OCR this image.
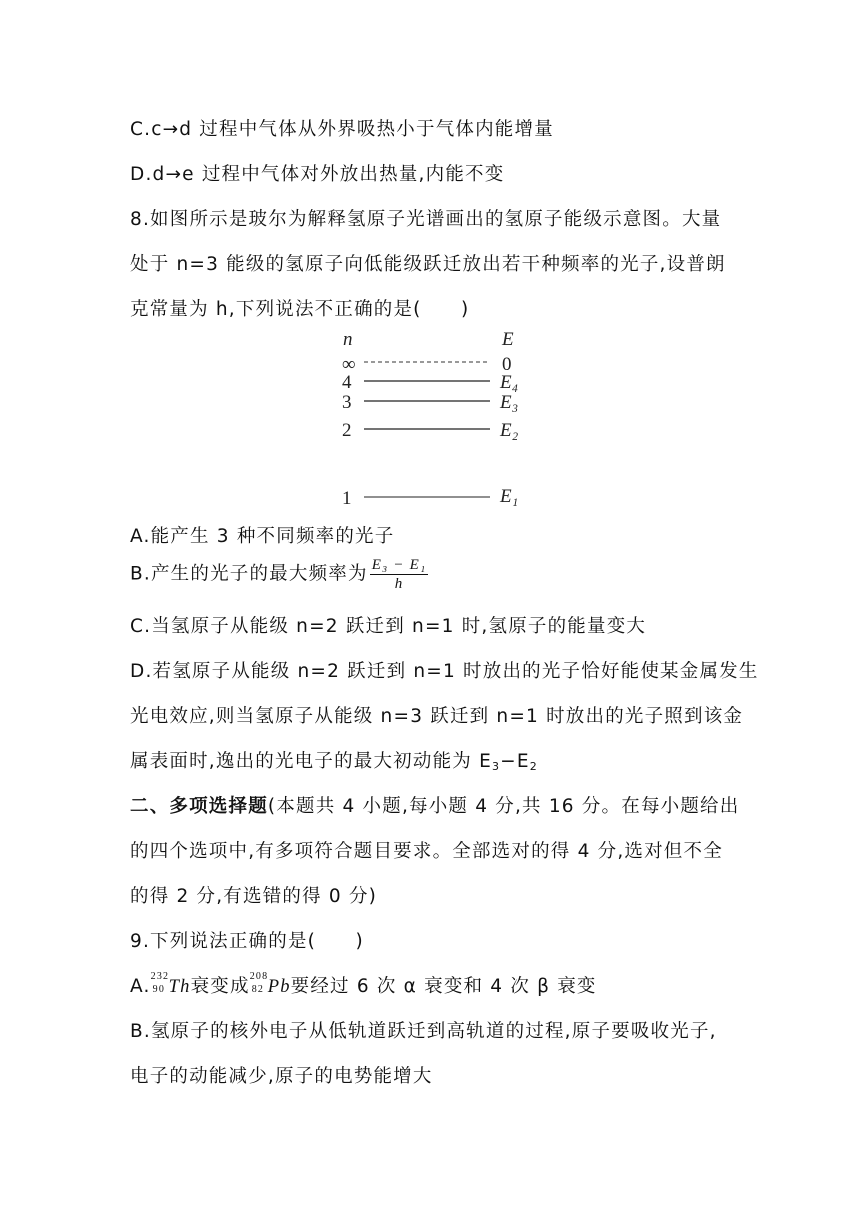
C.c→d 过程中气体从外界吸热小于气体内能增量
D.d→e 过程中气体对外放出热量,内能不变
8.如图所示是玻尔为解释氢原子光谱画出的氢原子能级示意图。大量
处于 n=3 能级的氢原子向低能级跃迁放出若干种频率的光子,设普朗
克常量为 h,下列说法不正确的是(　　)
n	E
∞	0
4	E₄
3	E₃
2	E₂
1	E₁
A.能产生 3 种不同频率的光子
B.产生的光子的最大频率为 $\frac{\text{E₃ − E₁}}{h}$
C.当氢原子从能级 n=2 跃迁到 n=1 时,氢原子的能量变大
D.若氢原子从能级 n=2 跃迁到 n=1 时放出的光子恰好能使某金属发生
光电效应,则当氢原子从能级 n=3 跃迁到 n=1 时放出的光子照到该金
属表面时,逸出的光电子的最大初动能为 $E_3-E_2$
二、多项选择题(本题共 4 小题,每小题 4 分,共 16 分。在每小题给出
的四个选项中,有多项符合题目要求。全部选对的得 4 分,选对但不全
的得 2 分,有选错的得 0 分)
9.下列说法正确的是(　　)
A. 232
90 Th衰变成 208
82 Pb要经过 6 次 α 衰变和 4 次 β 衰变
B.氢原子的核外电子从低轨道跃迁到高轨道的过程,原子要吸收光子,
电子的动能减少,原子的电势能增大
